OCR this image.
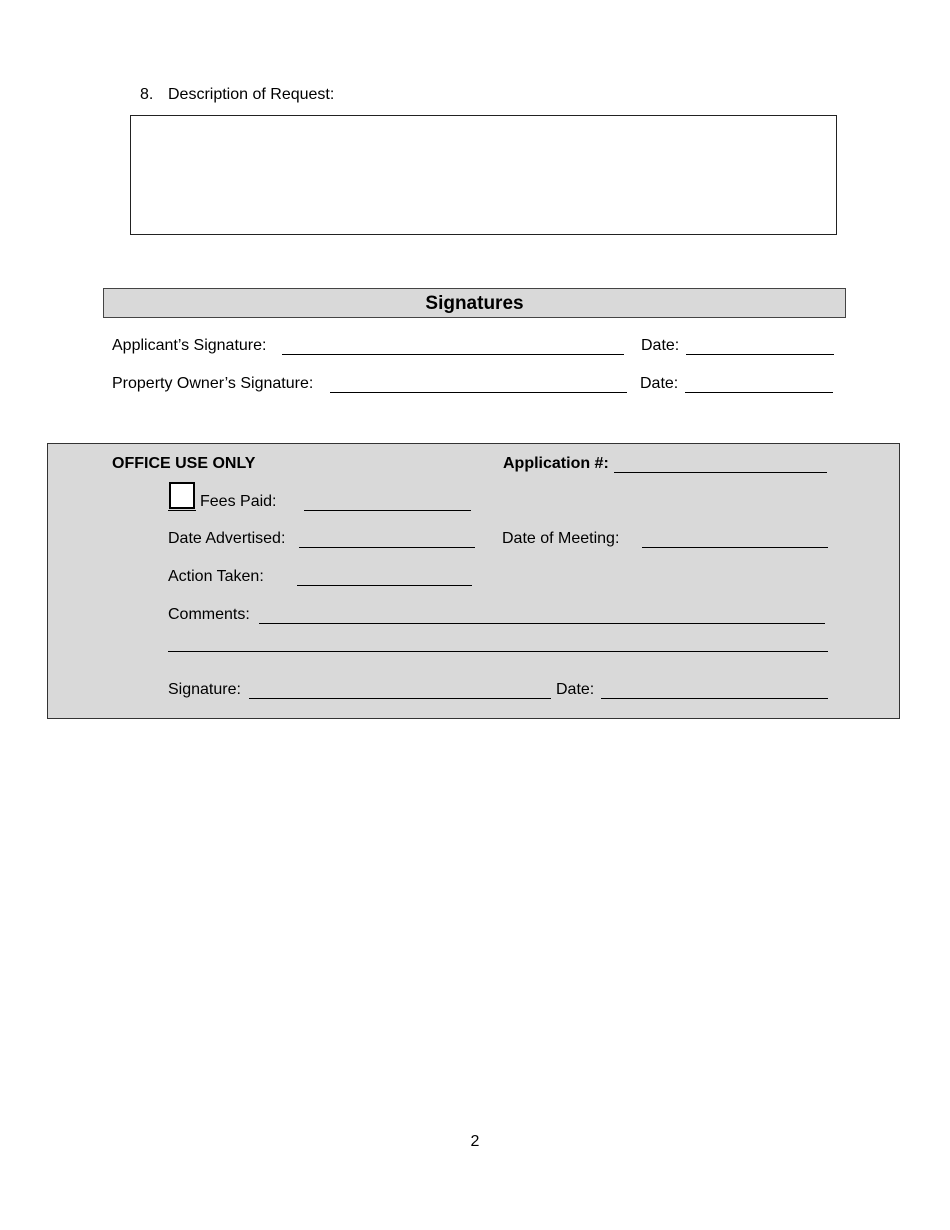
8. Description of Request:
Signatures
Applicant’s Signature:	Date:
Property Owner’s Signature:	Date:
OFFICE USE ONLY	Application #:
Fees Paid:
Date Advertised:	Date of Meeting:
Action Taken:
Comments:
Signature:	Date:
2
